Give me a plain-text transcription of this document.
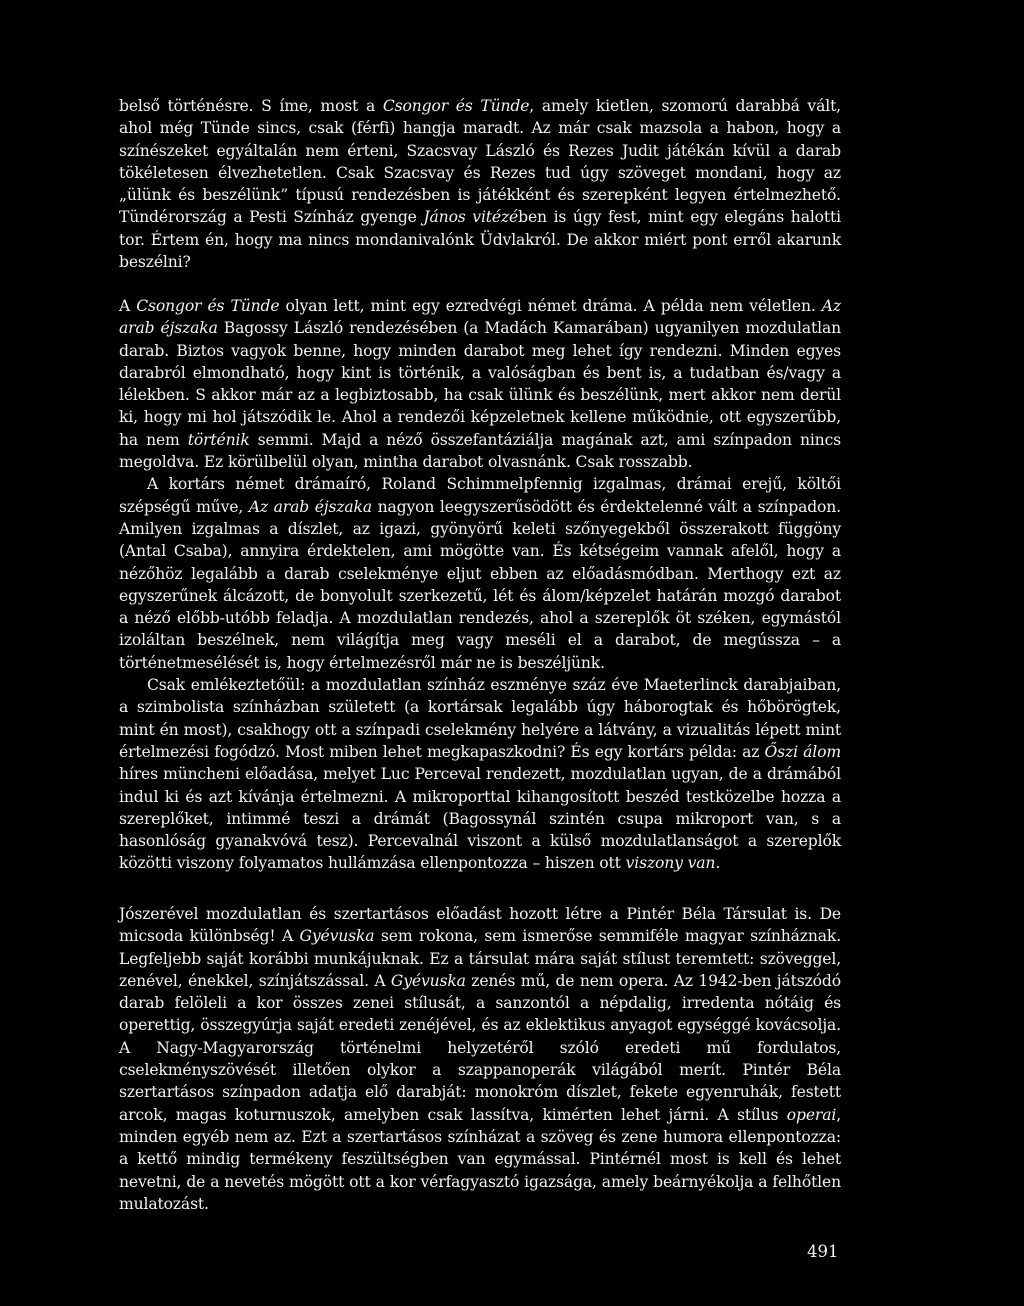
belső történésre. S íme, most a Csongor és Tünde, amely kietlen, szomorú darabbá vált, ahol még Tünde sincs, csak (férfi) hangja maradt. Az már csak mazsola a habon, hogy a színészeket egyáltalán nem érteni, Szacsvay László és Rezes Judit játékán kívül a darab tökéletesen élvezhetetlen. Csak Szacsvay és Rezes tud úgy szöveget mondani, hogy az „ülünk és beszélünk” típusú rendezésben is játékként és szerepként legyen értelmezhető. Tündérország a Pesti Színház gyenge János vitézében is úgy fest, mint egy elegáns halotti tor. Értem én, hogy ma nincs mondanivalónk Üdvlakról. De akkor miért pont erről akarunk beszélni?

A Csongor és Tünde olyan lett, mint egy ezredvégi német dráma. A példa nem véletlen. Az arab éjszaka Bagossy László rendezésében (a Madách Kamarában) ugyanilyen mozdulatlan darab. Biztos vagyok benne, hogy minden darabot meg lehet így rendezni. Minden egyes darabról elmondható, hogy kint is történik, a valóságban és bent is, a tudatban és/vagy a lélekben. S akkor már az a legbiztosabb, ha csak ülünk és beszélünk, mert akkor nem derül ki, hogy mi hol játszódik le. Ahol a rendezői képzeletnek kellene működnie, ott egyszerűbb, ha nem történik semmi. Majd a néző összefantáziálja magának azt, ami színpadon nincs megoldva. Ez körülbelül olyan, mintha darabot olvasnánk. Csak rosszabb.

A kortárs német drámaíró, Roland Schimmelpfennig izgalmas, drámai erejű, költői szépségű műve, Az arab éjszaka nagyon leegyszerűsödött és érdektelenné vált a színpadon. Amilyen izgalmas a díszlet, az igazi, gyönyörű keleti szőnyegekből összerakott függöny (Antal Csaba), annyira érdektelen, ami mögötte van. És kétségeim vannak afelől, hogy a nézőhöz legalább a darab cselekménye eljut ebben az előadásmódban. Merthogy ezt az egyszerűnek álcázott, de bonyolult szerkezetű, lét és álom/képzelet határán mozgó darabot a néző előbb-utóbb feladja. A mozdulatlan rendezés, ahol a szereplők öt széken, egymástól izoláltan beszélnek, nem világítja meg vagy meséli el a darabot, de megússza – a történetmesélését is, hogy értelmezésről már ne is beszéljünk.

Csak emlékeztetőül: a mozdulatlan színház eszménye száz éve Maeterlinck darabjaiban, a szimbolista színházban született (a kortársak legalább úgy háborogtak és hőbörögtek, mint én most), csakhogy ott a színpadi cselekmény helyére a látvány, a vizualitás lépett mint értelmezési fogódzó. Most miben lehet megkapaszkodni? És egy kortárs példa: az Őszi álom híres müncheni előadása, melyet Luc Perceval rendezett, mozdulatlan ugyan, de a drámából indul ki és azt kívánja értelmezni. A mikroporttal kihangosított beszéd testközelbe hozza a szereplőket, intimmé teszi a drámát (Bagossynál szintén csupa mikroport van, s a hasonlóság gyanakvóvá tesz). Percevalnál viszont a külső mozdulatlanságot a szereplők közötti viszony folyamatos hullámzása ellenpontozza – hiszen ott viszony van.

Jószerével mozdulatlan és szertartásos előadást hozott létre a Pintér Béla Társulat is. De micsoda különbség! A Gyévuska sem rokona, sem ismerőse semmiféle magyar színháznak. Legfeljebb saját korábbi munkájuknak. Ez a társulat mára saját stílust teremtett: szöveggel, zenével, énekkel, színjátszással. A Gyévuska zenés mű, de nem opera. Az 1942-ben játszódó darab felöleli a kor összes zenei stílusát, a sanzontól a népdalig, irredenta nótáig és operettig, összegyúrja saját eredeti zenéjével, és az eklektikus anyagot egységgé kovácsolja. A Nagy-Magyarország történelmi helyzetéről szóló eredeti mű fordulatos, cselekményszövését illetően olykor a szappanoperák világából merít. Pintér Béla szertartásos színpadon adatja elő darabját: monokróm díszlet, fekete egyenruhák, festett arcok, magas koturnuszok, amelyben csak lassítva, kimérten lehet járni. A stílus operai, minden egyéb nem az. Ezt a szertartásos színházat a szöveg és zene humora ellenpontozza: a kettő mindig termékeny feszültségben van egymással. Pintérnél most is kell és lehet nevetni, de a nevetés mögött ott a kor vérfagyasztó igazsága, amely beárnyékolja a felhőtlen mulatozást.

491
